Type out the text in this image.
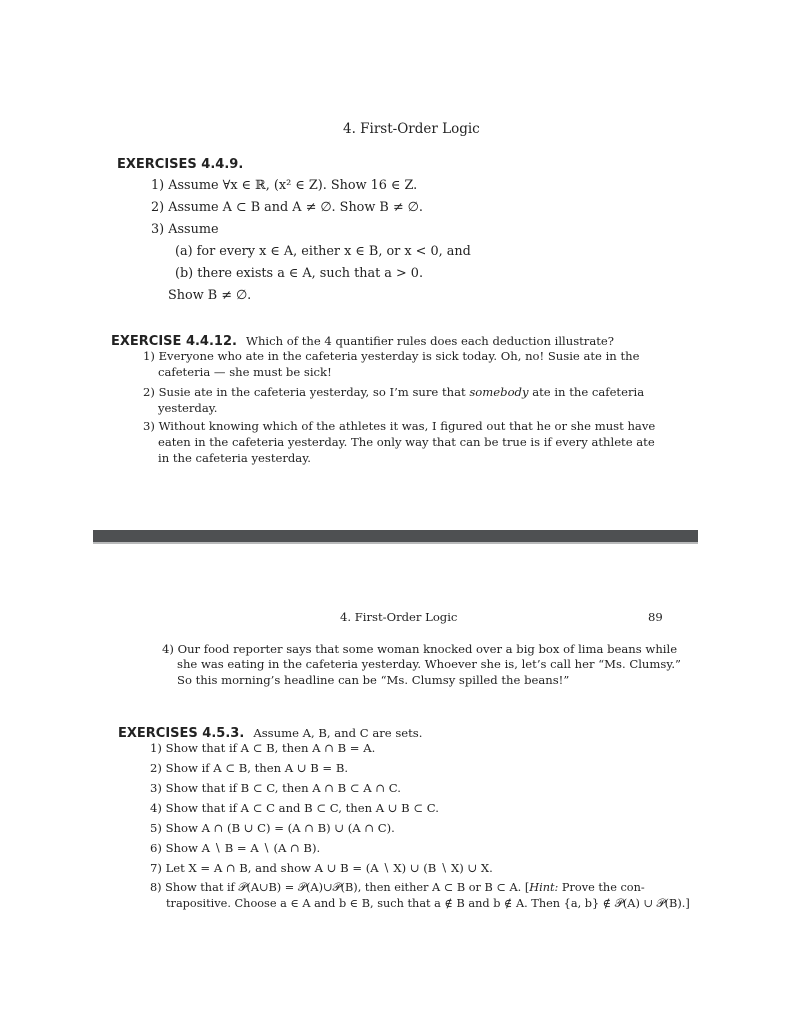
4. First-Order Logic
EXERCISES 4.4.9.
1) Assume ∀x ∈ ℝ, (x² ∈ Z). Show 16 ∈ Z.
2) Assume A ⊂ B and A ≠ ∅. Show B ≠ ∅.
3) Assume
(a) for every x ∈ A, either x ∈ B, or x < 0, and
(b) there exists a ∈ A, such that a > 0.
Show B ≠ ∅.
EXERCISE 4.4.12. Which of the 4 quantifier rules does each deduction illustrate?
1) Everyone who ate in the cafeteria yesterday is sick today. Oh, no! Susie ate in the
cafeteria — she must be sick!
2) Susie ate in the cafeteria yesterday, so I’m sure that somebody ate in the cafeteria
yesterday.
3) Without knowing which of the athletes it was, I figured out that he or she must have
eaten in the cafeteria yesterday. The only way that can be true is if every athlete ate
in the cafeteria yesterday.
4. First-Order Logic	89
4) Our food reporter says that some woman knocked over a big box of lima beans while
she was eating in the cafeteria yesterday. Whoever she is, let’s call her “Ms. Clumsy.”
So this morning’s headline can be “Ms. Clumsy spilled the beans!”
EXERCISES 4.5.3. Assume A, B, and C are sets.
1) Show that if A ⊂ B, then A ∩ B = A.
2) Show if A ⊂ B, then A ∪ B = B.
3) Show that if B ⊂ C, then A ∩ B ⊂ A ∩ C.
4) Show that if A ⊂ C and B ⊂ C, then A ∪ B ⊂ C.
5) Show A ∩ (B ∪ C) = (A ∩ B) ∪ (A ∩ C).
6) Show A ∖ B = A ∖ (A ∩ B).
7) Let X = A ∩ B, and show A ∪ B = (A ∖ X) ∪ (B ∖ X) ∪ X.
8) Show that if 𝒫(A∪B) = 𝒫(A)∪𝒫(B), then either A ⊂ B or B ⊂ A. [Hint: Prove the con-
trapositive. Choose a ∈ A and b ∈ B, such that a ∉ B and b ∉ A. Then {a, b} ∉ 𝒫(A) ∪ 𝒫(B).]
